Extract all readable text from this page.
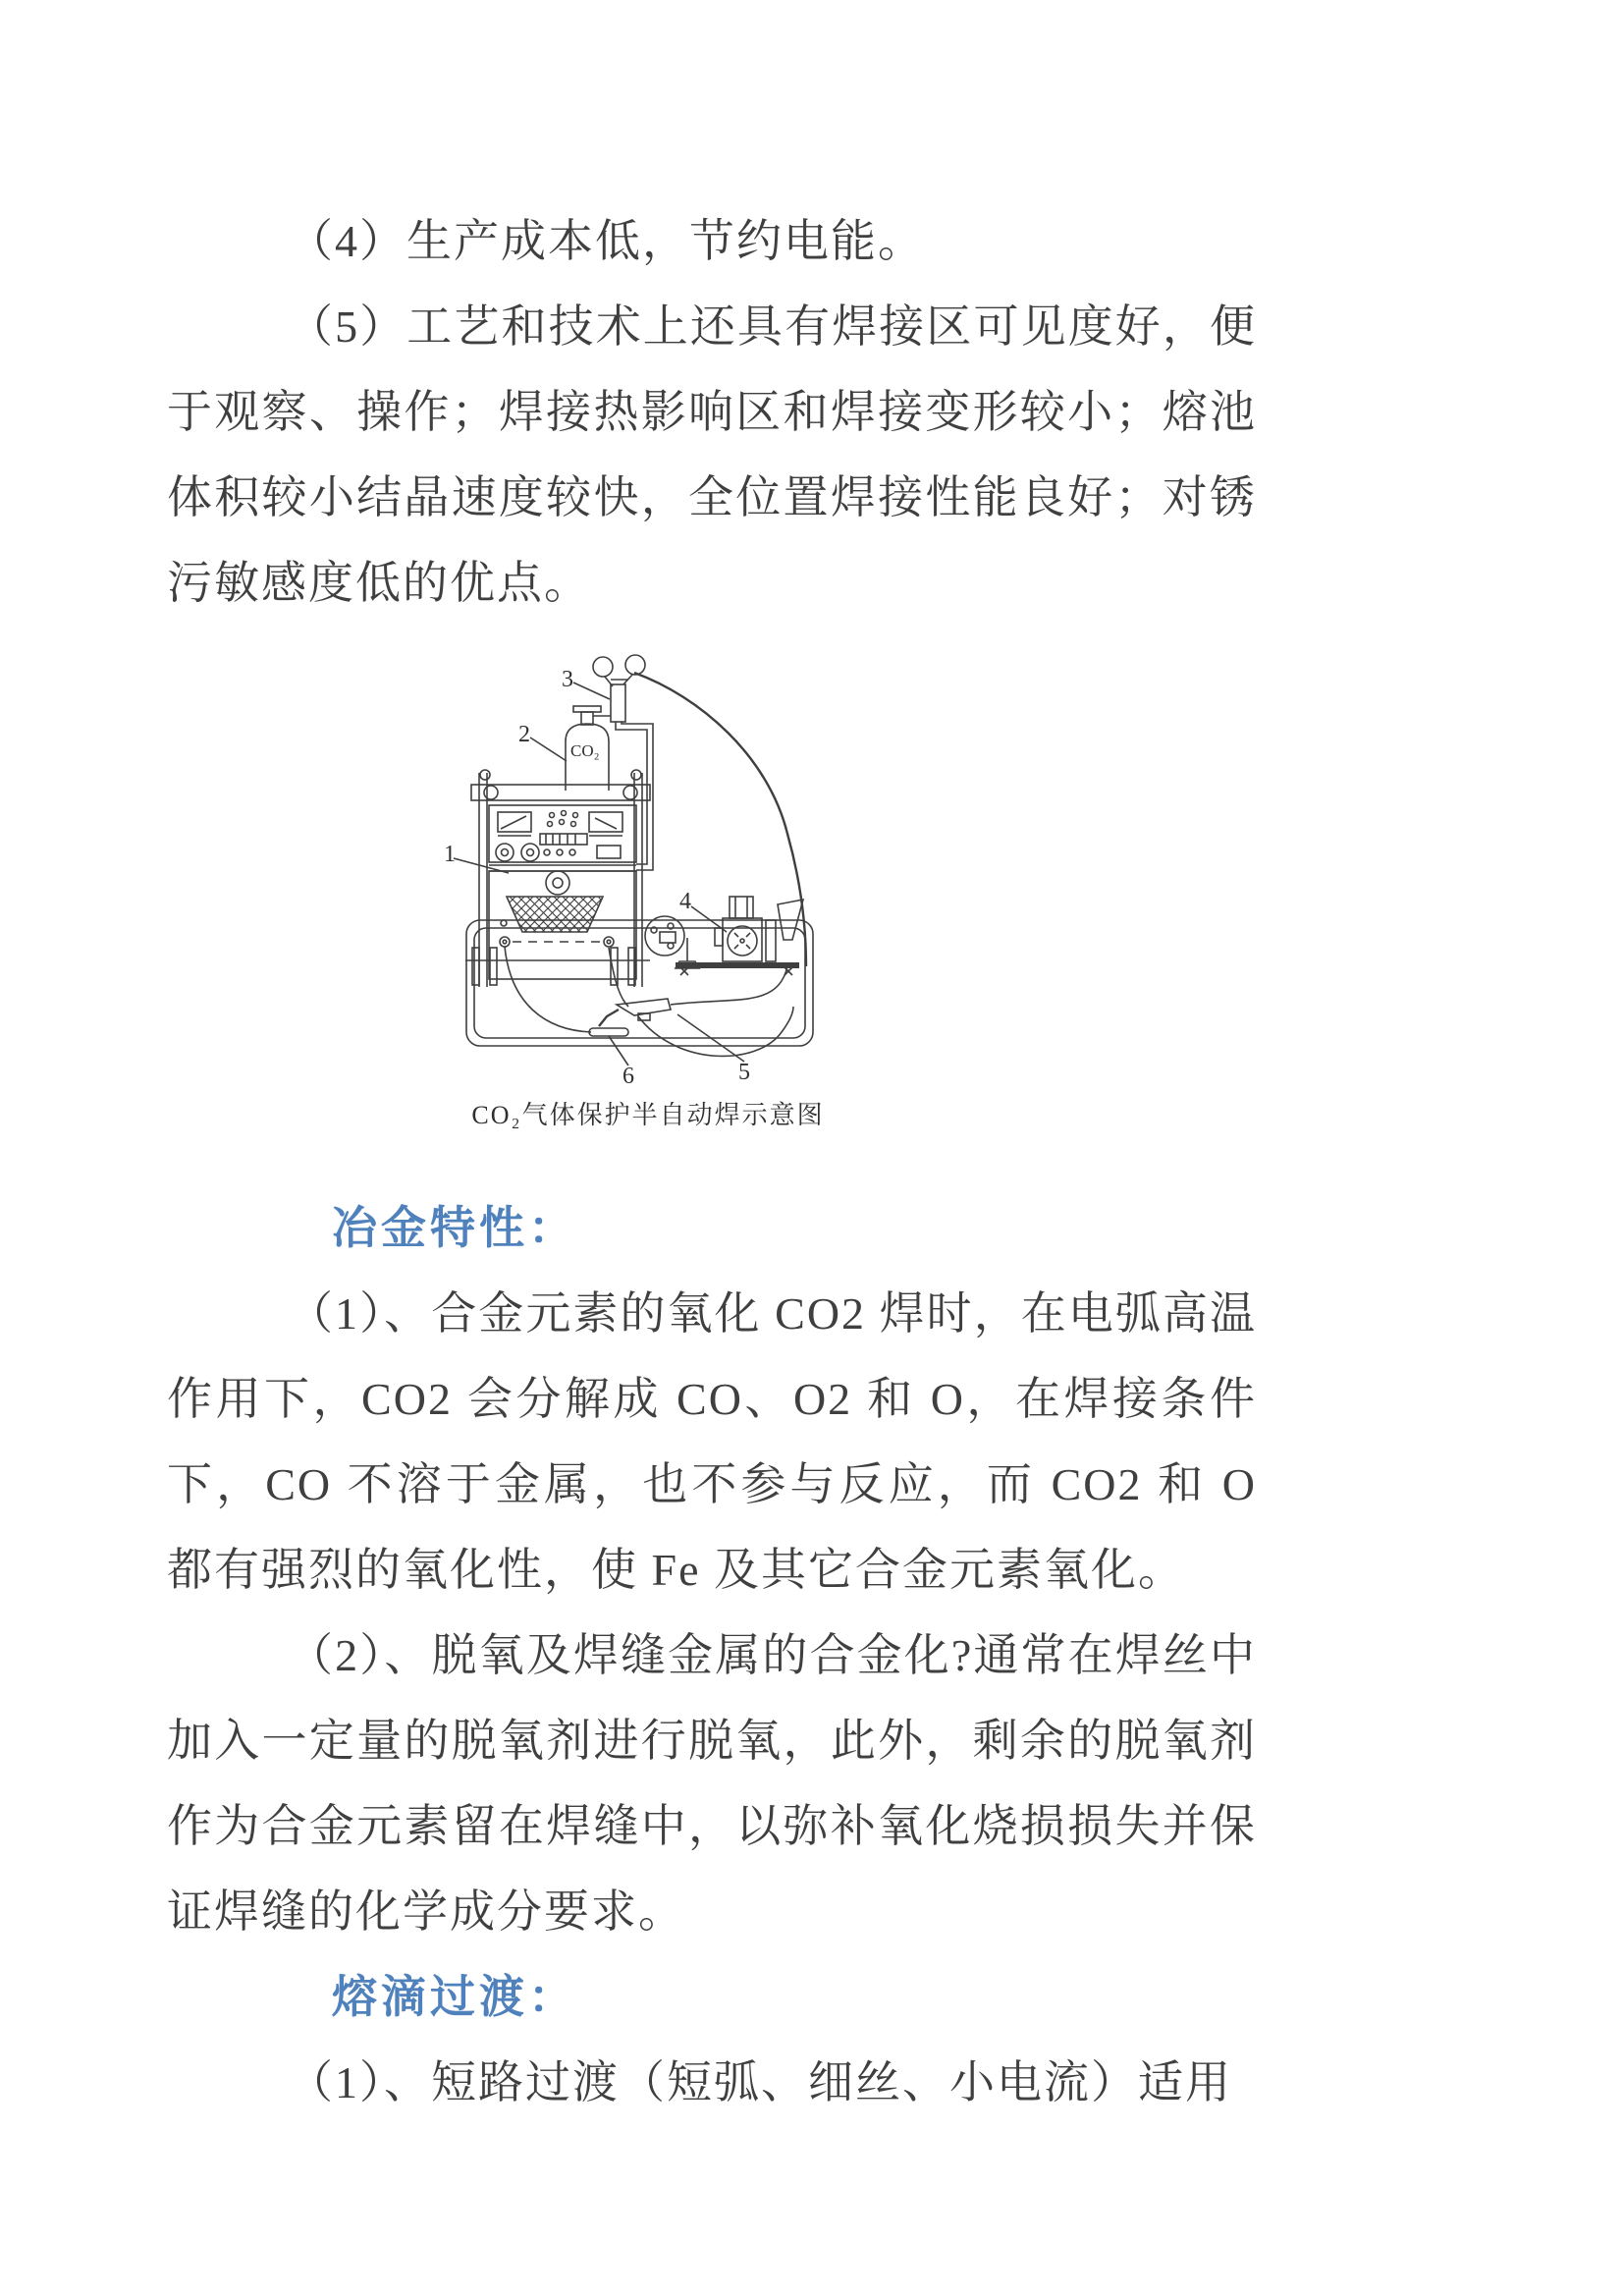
（4）生产成本低，节约电能。

（5）工艺和技术上还具有焊接区可见度好，便于观察、操作；焊接热影响区和焊接变形较小；熔池体积较小结晶速度较快，全位置焊接性能良好；对锈污敏感度低的优点。

CO₂
1
2
3
4
5
6
CO₂气体保护半自动焊示意图

冶金特性：

（1）、合金元素的氧化 CO2 焊时，在电弧高温作用下，CO2 会分解成 CO、O2 和 O，在焊接条件下，CO 不溶于金属，也不参与反应，而 CO2 和 O 都有强烈的氧化性，使 Fe 及其它合金元素氧化。

（2）、脱氧及焊缝金属的合金化?通常在焊丝中加入一定量的脱氧剂进行脱氧，此外，剩余的脱氧剂作为合金元素留在焊缝中，以弥补氧化烧损损失并保证焊缝的化学成分要求。

熔滴过渡：

（1）、短路过渡（短弧、细丝、小电流）适用
